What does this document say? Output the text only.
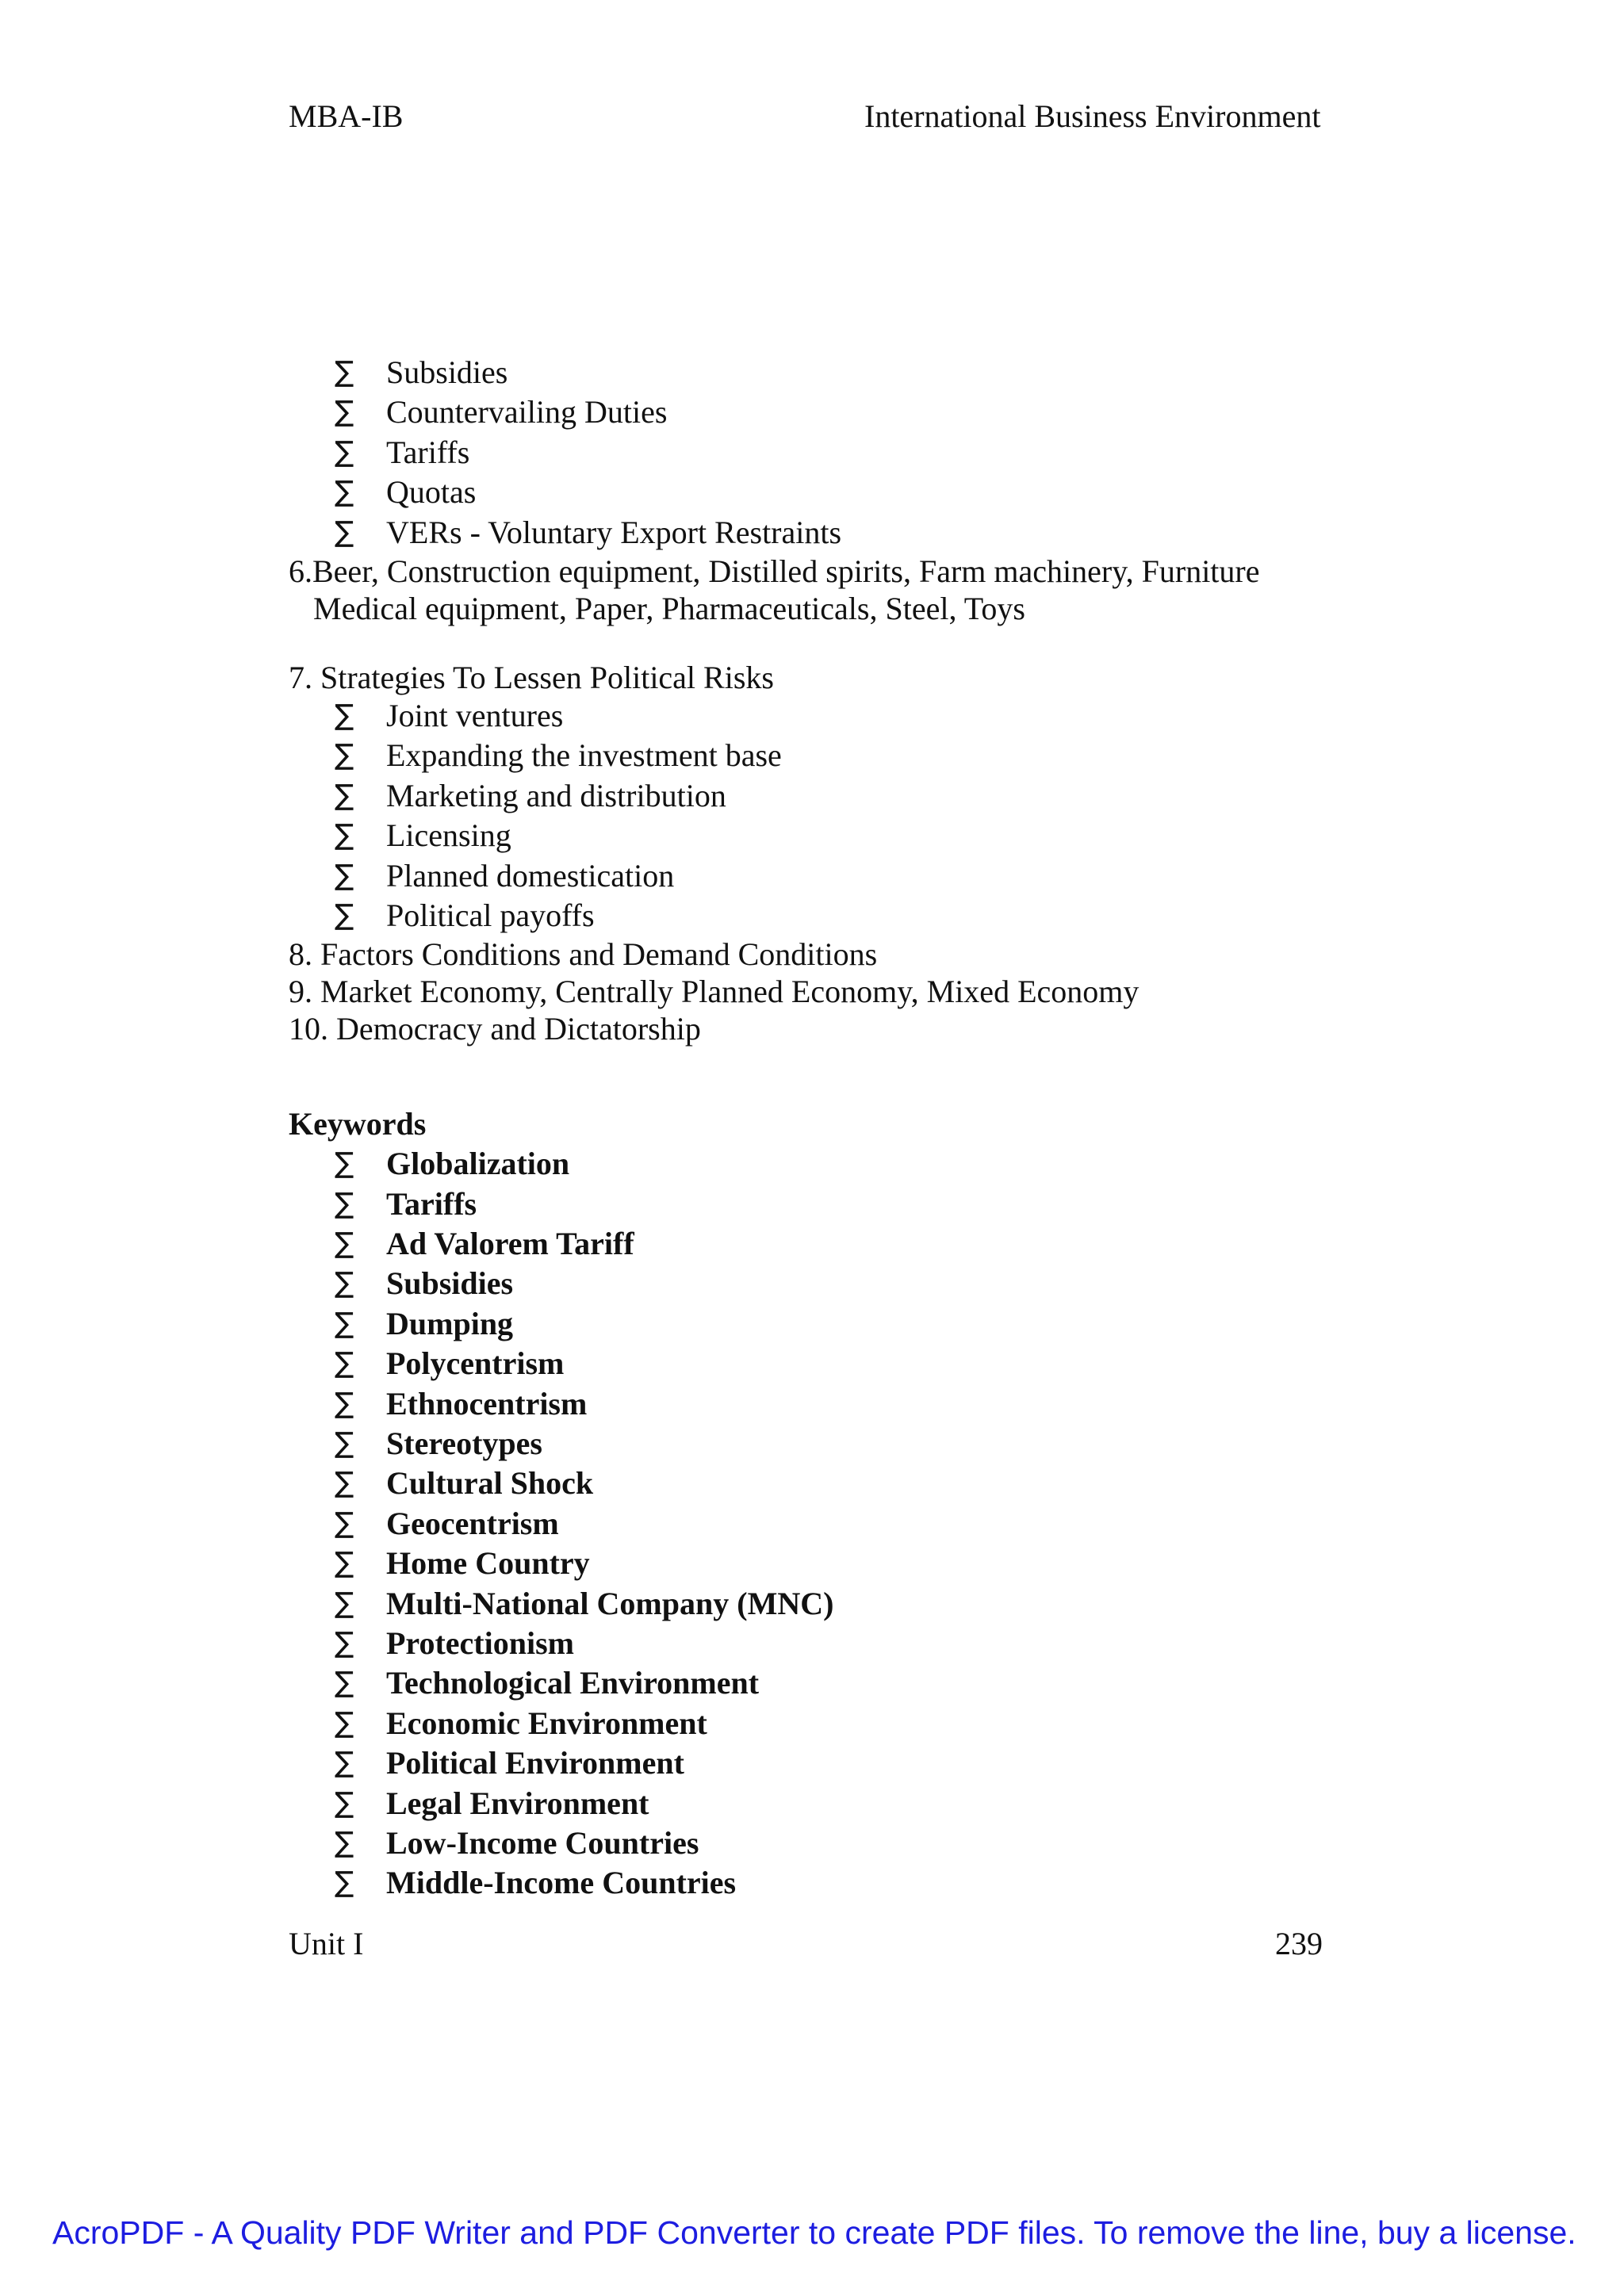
MBA-IB	International Business Environment
∑ Subsidies
∑ Countervailing Duties
∑ Tariffs
∑ Quotas
∑ VERs - Voluntary Export Restraints
6.Beer, Construction equipment, Distilled spirits, Farm machinery, Furniture
Medical equipment, Paper, Pharmaceuticals, Steel, Toys
7. Strategies To Lessen Political Risks
∑ Joint ventures
∑ Expanding the investment base
∑ Marketing and distribution
∑ Licensing
∑ Planned domestication
∑ Political payoffs
8. Factors Conditions and Demand Conditions
9. Market Economy, Centrally Planned Economy, Mixed Economy
10. Democracy and Dictatorship
Keywords
∑ Globalization
∑ Tariffs
∑ Ad Valorem Tariff
∑ Subsidies
∑ Dumping
∑ Polycentrism
∑ Ethnocentrism
∑ Stereotypes
∑ Cultural Shock
∑ Geocentrism
∑ Home Country
∑ Multi-National Company (MNC)
∑ Protectionism
∑ Technological Environment
∑ Economic Environment
∑ Political Environment
∑ Legal Environment
∑ Low-Income Countries
∑ Middle-Income Countries
Unit I	239
AcroPDF - A Quality PDF Writer and PDF Converter to create PDF files. To remove the line, buy a license.
